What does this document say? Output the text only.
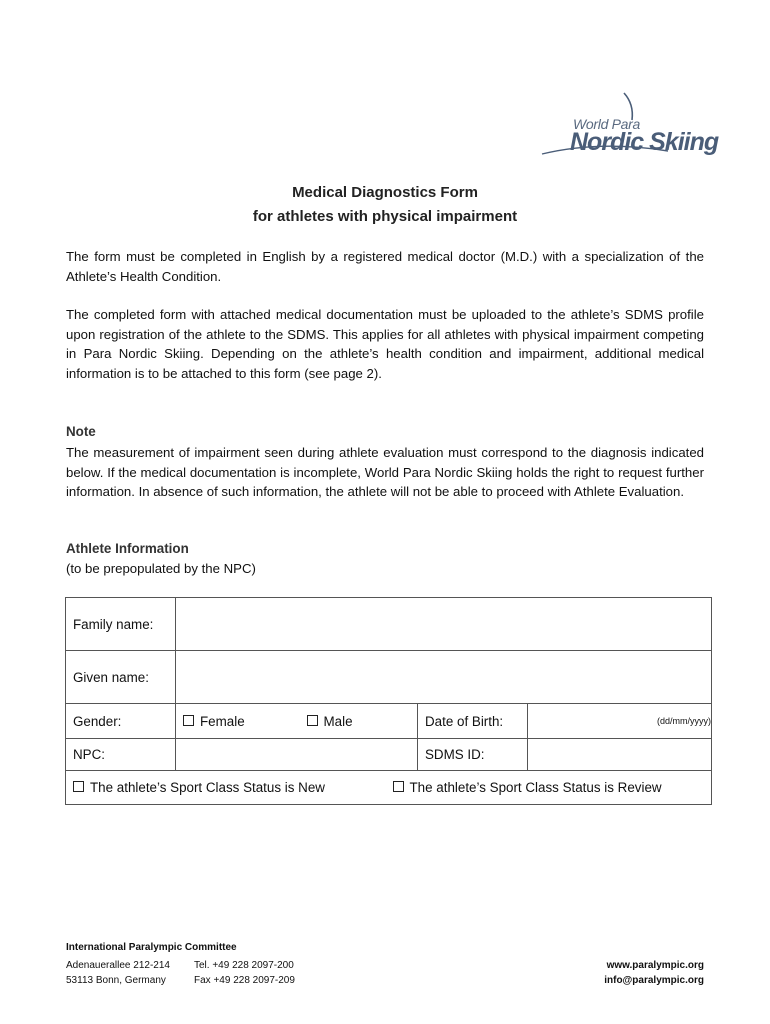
World Para
Nordic Skiing
Medical Diagnostics Form
for athletes with physical impairment
The form must be completed in English by a registered medical doctor (M.D.) with a specialization of the Athlete’s Health Condition.
The completed form with attached medical documentation must be uploaded to the athlete’s SDMS profile upon registration of the athlete to the SDMS. This applies for all athletes with physical impairment competing in Para Nordic Skiing. Depending on the athlete’s health condition and impairment, additional medical information is to be attached to this form (see page 2).
Note
The measurement of impairment seen during athlete evaluation must correspond to the diagnosis indicated below. If the medical documentation is incomplete, World Para Nordic Skiing holds the right to request further information. In absence of such information, the athlete will not be able to proceed with Athlete Evaluation.
Athlete Information
(to be prepopulated by the NPC)
Family name:				
Given name:				
Gender:	Female	Male	Date of Birth:	(dd/mm/yyyy)
NPC:			SDMS ID:	
The athlete’s Sport Class Status is New			The athlete’s Sport Class Status is Review	
International Paralympic Committee
Adenauerallee 212-214
53113 Bonn, Germany
Tel. +49 228 2097-200
Fax +49 228 2097-209
www.paralympic.org
info@paralympic.org
